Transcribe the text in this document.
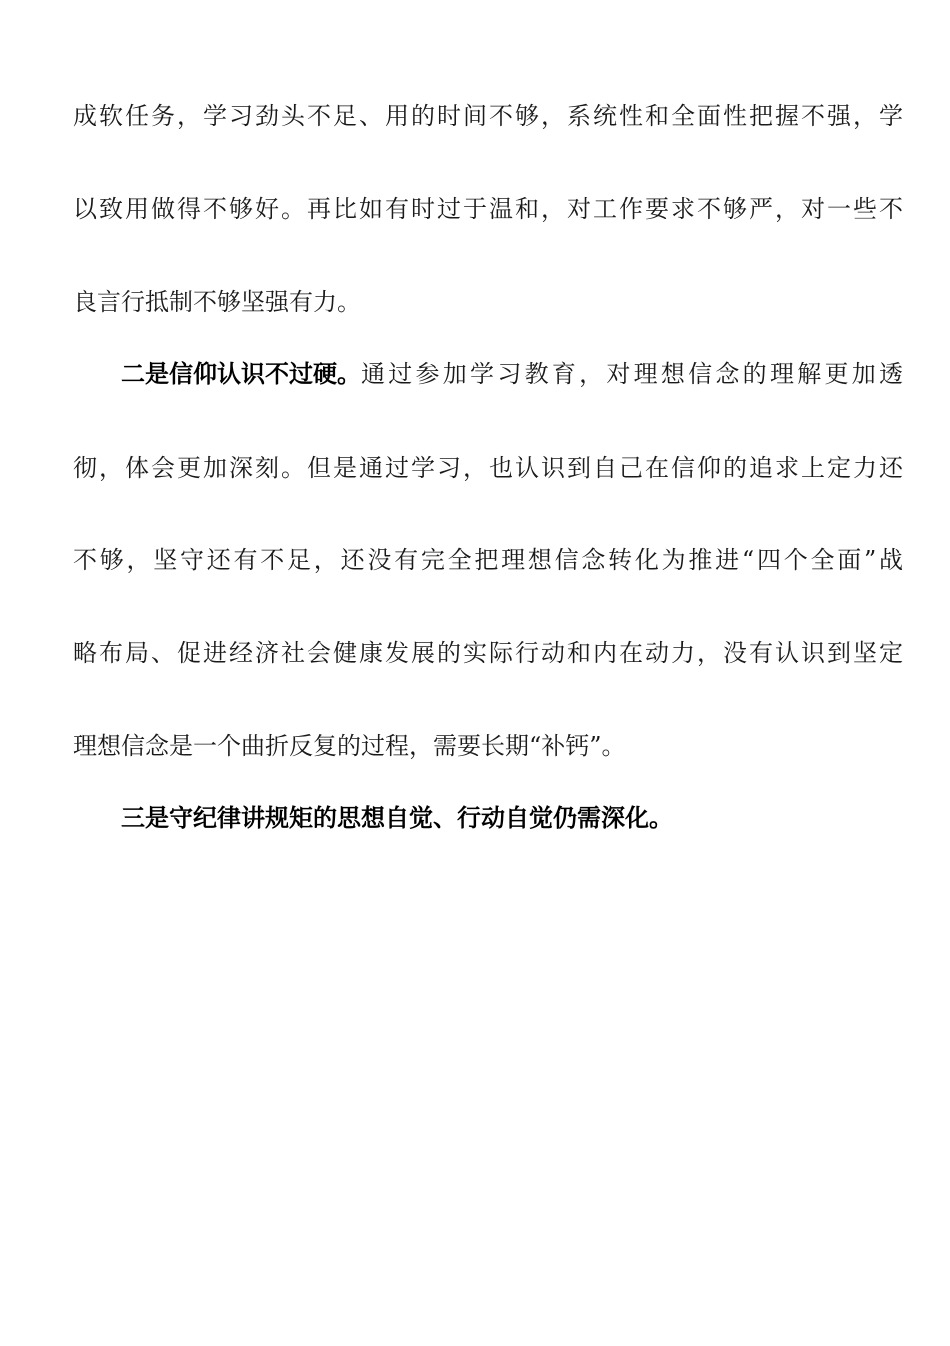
成软任务，学习劲头不足、用的时间不够，系统性和全面性把握不强，学
以致用做得不够好。再比如有时过于温和，对工作要求不够严，对一些不
良言行抵制不够坚强有力。
二是信仰认识不过硬。 通过参加学习教育，对理想信念的理解更加透
彻，体会更加深刻。但是通过学习，也认识到自己在信仰的追求上定力还
不够，坚守还有不足，还没有完全把理想信念转化为推进“四个全面”战
略布局、促进经济社会健康发展的实际行动和内在动力，没有认识到坚定
理想信念是一个曲折反复的过程，需要长期“补钙”。
三是守纪律讲规矩的思想自觉、行动自觉仍需深化。
